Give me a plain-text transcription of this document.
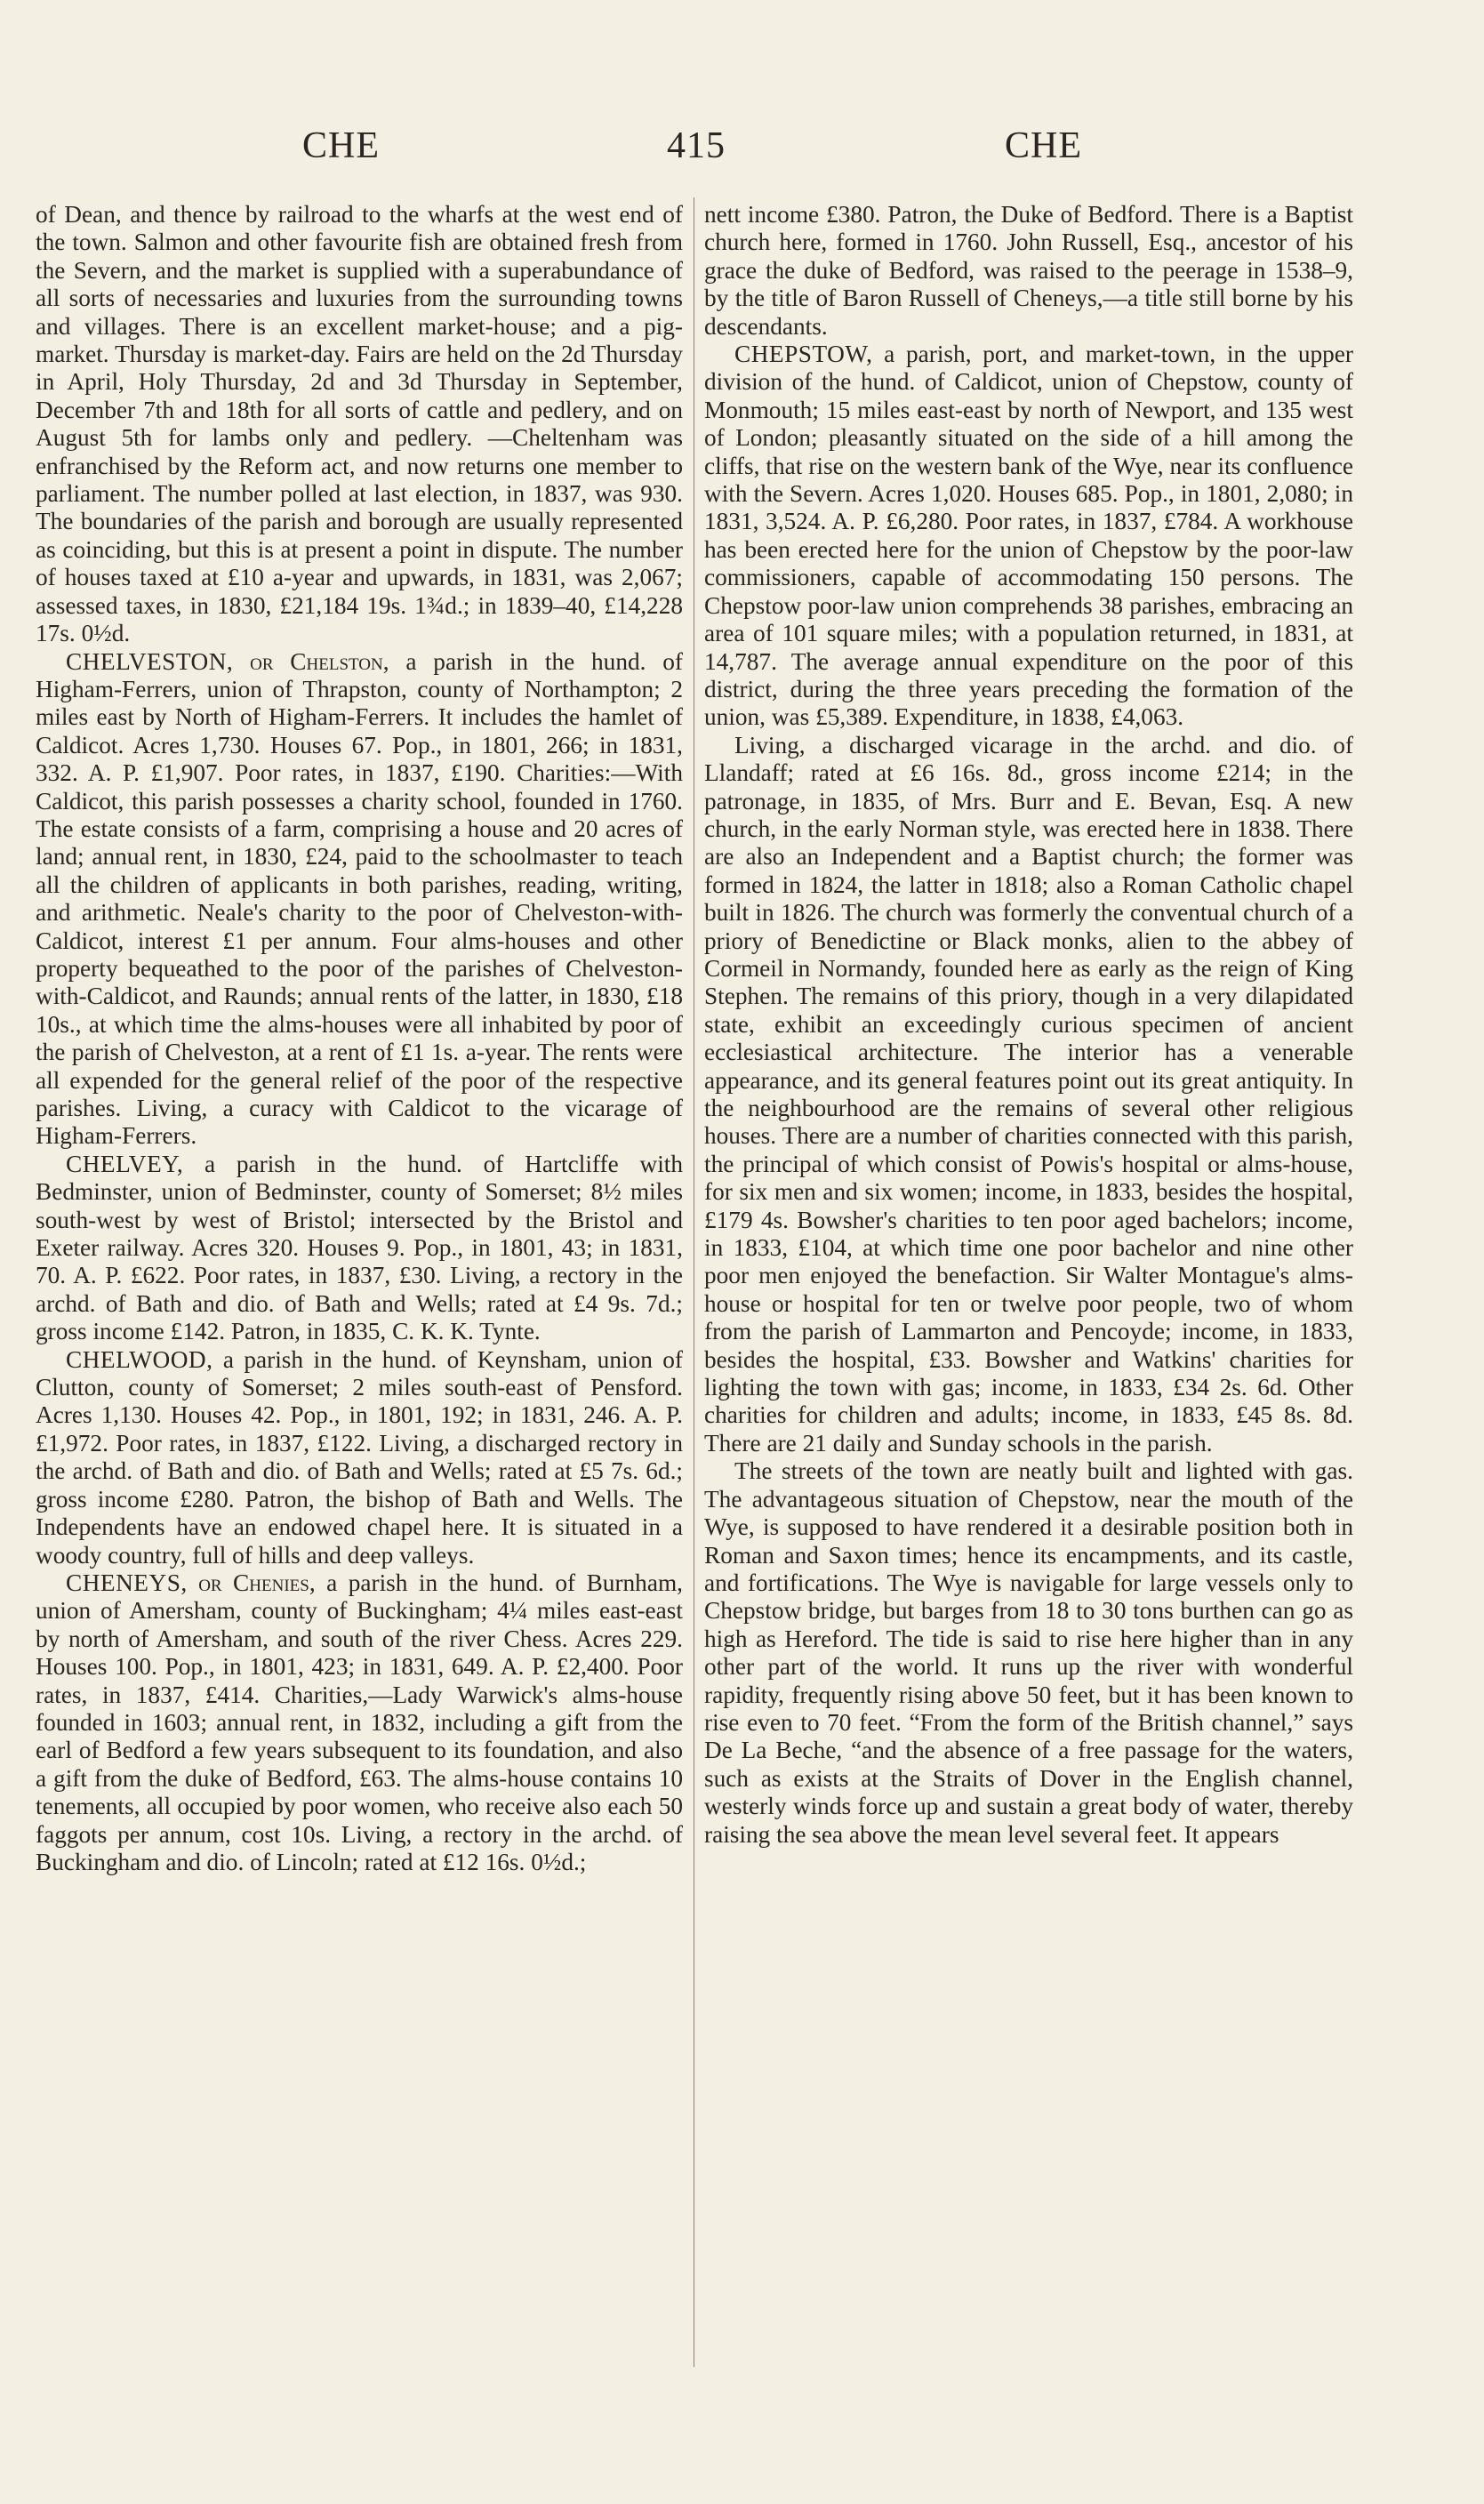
CHE	415	CHE

of Dean, and thence by railroad to the wharfs at the west end of the town. Salmon and other favourite fish are obtained fresh from the Severn, and the market is supplied with a superabundance of all sorts of necessaries and luxuries from the surrounding towns and villages. There is an excellent market-house; and a pig-market. Thursday is market-day. Fairs are held on the 2d Thursday in April, Holy Thursday, 2d and 3d Thursday in September, December 7th and 18th for all sorts of cattle and pedlery, and on August 5th for lambs only and pedlery. —Cheltenham was enfranchised by the Reform act, and now returns one member to parliament. The number polled at last election, in 1837, was 930. The boundaries of the parish and borough are usually represented as coinciding, but this is at present a point in dispute. The number of houses taxed at £10 a-year and upwards, in 1831, was 2,067; assessed taxes, in 1830, £21,184 19s. 1¾d.; in 1839–40, £14,228 17s. 0½d.

CHELVESTON, or Chelston, a parish in the hund. of Higham-Ferrers, union of Thrapston, county of Northampton; 2 miles east by North of Higham-Ferrers. It includes the hamlet of Caldicot. Acres 1,730. Houses 67. Pop., in 1801, 266; in 1831, 332. A. P. £1,907. Poor rates, in 1837, £190. Charities:—With Caldicot, this parish possesses a charity school, founded in 1760. The estate consists of a farm, comprising a house and 20 acres of land; annual rent, in 1830, £24, paid to the schoolmaster to teach all the children of applicants in both parishes, reading, writing, and arithmetic. Neale's charity to the poor of Chelveston-with-Caldicot, interest £1 per annum. Four alms-houses and other property bequeathed to the poor of the parishes of Chelveston-with-Caldicot, and Raunds; annual rents of the latter, in 1830, £18 10s., at which time the alms-houses were all inhabited by poor of the parish of Chelveston, at a rent of £1 1s. a-year. The rents were all expended for the general relief of the poor of the respective parishes. Living, a curacy with Caldicot to the vicarage of Higham-Ferrers.

CHELVEY, a parish in the hund. of Hartcliffe with Bedminster, union of Bedminster, county of Somerset; 8½ miles south-west by west of Bristol; intersected by the Bristol and Exeter railway. Acres 320. Houses 9. Pop., in 1801, 43; in 1831, 70. A. P. £622. Poor rates, in 1837, £30. Living, a rectory in the archd. of Bath and dio. of Bath and Wells; rated at £4 9s. 7d.; gross income £142. Patron, in 1835, C. K. K. Tynte.

CHELWOOD, a parish in the hund. of Keynsham, union of Clutton, county of Somerset; 2 miles south-east of Pensford. Acres 1,130. Houses 42. Pop., in 1801, 192; in 1831, 246. A. P. £1,972. Poor rates, in 1837, £122. Living, a discharged rectory in the archd. of Bath and dio. of Bath and Wells; rated at £5 7s. 6d.; gross income £280. Patron, the bishop of Bath and Wells. The Independents have an endowed chapel here. It is situated in a woody country, full of hills and deep valleys.

CHENEYS, or Chenies, a parish in the hund. of Burnham, union of Amersham, county of Buckingham; 4¼ miles east-east by north of Amersham, and south of the river Chess. Acres 229. Houses 100. Pop., in 1801, 423; in 1831, 649. A. P. £2,400. Poor rates, in 1837, £414. Charities,—Lady Warwick's alms-house founded in 1603; annual rent, in 1832, including a gift from the earl of Bedford a few years subsequent to its foundation, and also a gift from the duke of Bedford, £63. The alms-house contains 10 tenements, all occupied by poor women, who receive also each 50 faggots per annum, cost 10s. Living, a rectory in the archd. of Buckingham and dio. of Lincoln; rated at £12 16s. 0½d.;

nett income £380. Patron, the Duke of Bedford. There is a Baptist church here, formed in 1760. John Russell, Esq., ancestor of his grace the duke of Bedford, was raised to the peerage in 1538–9, by the title of Baron Russell of Cheneys,—a title still borne by his descendants.

CHEPSTOW, a parish, port, and market-town, in the upper division of the hund. of Caldicot, union of Chepstow, county of Monmouth; 15 miles east-east by north of Newport, and 135 west of London; pleasantly situated on the side of a hill among the cliffs, that rise on the western bank of the Wye, near its confluence with the Severn. Acres 1,020. Houses 685. Pop., in 1801, 2,080; in 1831, 3,524. A. P. £6,280. Poor rates, in 1837, £784. A workhouse has been erected here for the union of Chepstow by the poor-law commissioners, capable of accommodating 150 persons. The Chepstow poor-law union comprehends 38 parishes, embracing an area of 101 square miles; with a population returned, in 1831, at 14,787. The average annual expenditure on the poor of this district, during the three years preceding the formation of the union, was £5,389. Expenditure, in 1838, £4,063.

Living, a discharged vicarage in the archd. and dio. of Llandaff; rated at £6 16s. 8d., gross income £214; in the patronage, in 1835, of Mrs. Burr and E. Bevan, Esq. A new church, in the early Norman style, was erected here in 1838. There are also an Independent and a Baptist church; the former was formed in 1824, the latter in 1818; also a Roman Catholic chapel built in 1826. The church was formerly the conventual church of a priory of Benedictine or Black monks, alien to the abbey of Cormeil in Normandy, founded here as early as the reign of King Stephen. The remains of this priory, though in a very dilapidated state, exhibit an exceedingly curious specimen of ancient ecclesiastical architecture. The interior has a venerable appearance, and its general features point out its great antiquity. In the neighbourhood are the remains of several other religious houses. There are a number of charities connected with this parish, the principal of which consist of Powis's hospital or alms-house, for six men and six women; income, in 1833, besides the hospital, £179 4s. Bowsher's charities to ten poor aged bachelors; income, in 1833, £104, at which time one poor bachelor and nine other poor men enjoyed the benefaction. Sir Walter Montague's alms-house or hospital for ten or twelve poor people, two of whom from the parish of Lammarton and Pencoyde; income, in 1833, besides the hospital, £33. Bowsher and Watkins' charities for lighting the town with gas; income, in 1833, £34 2s. 6d. Other charities for children and adults; income, in 1833, £45 8s. 8d. There are 21 daily and Sunday schools in the parish.

The streets of the town are neatly built and lighted with gas. The advantageous situation of Chepstow, near the mouth of the Wye, is supposed to have rendered it a desirable position both in Roman and Saxon times; hence its encampments, and its castle, and fortifications. The Wye is navigable for large vessels only to Chepstow bridge, but barges from 18 to 30 tons burthen can go as high as Hereford. The tide is said to rise here higher than in any other part of the world. It runs up the river with wonderful rapidity, frequently rising above 50 feet, but it has been known to rise even to 70 feet. “From the form of the British channel,” says De La Beche, “and the absence of a free passage for the waters, such as exists at the Straits of Dover in the English channel, westerly winds force up and sustain a great body of water, thereby raising the sea above the mean level several feet. It appears
